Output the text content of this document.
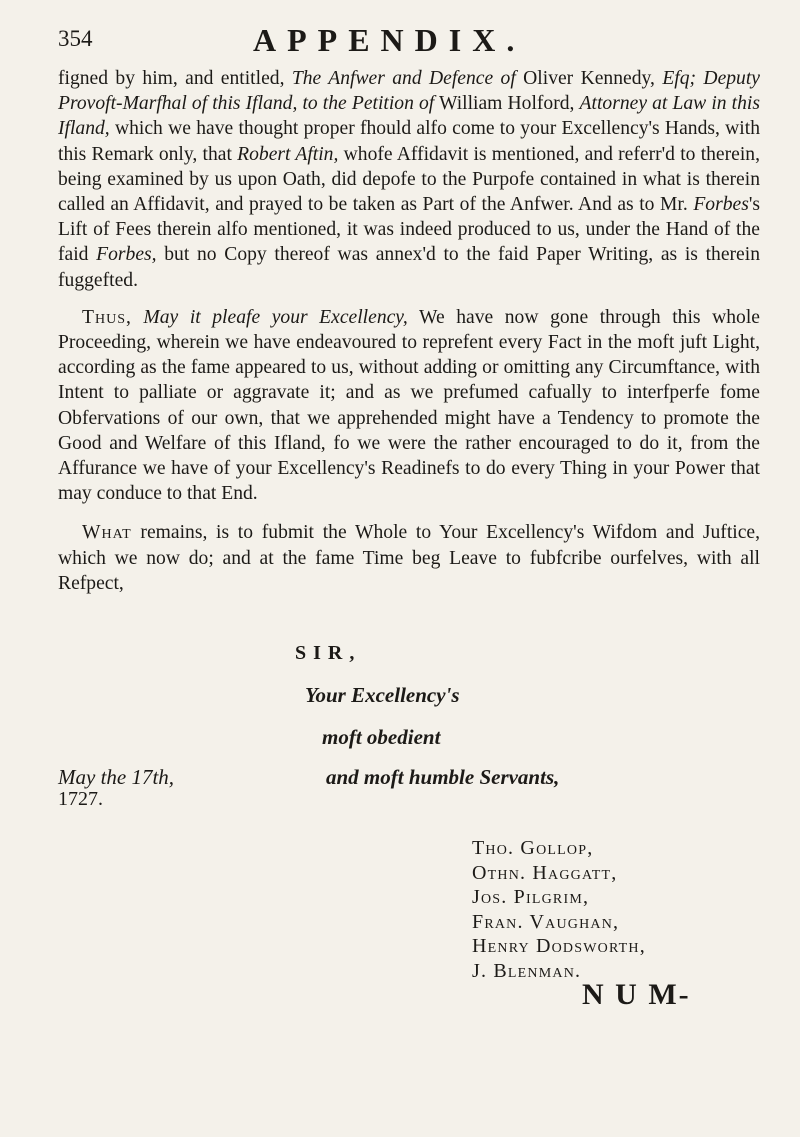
354	APPENDIX.

figned by him, and entitled, The Anfwer and Defence of Oliver Kennedy, Efq; Deputy Provoft-Marfhal of this Ifland, to the Petition of William Holford, Attorney at Law in this Ifland, which we have thought proper fhould alfo come to your Excellency's Hands, with this Remark only, that Robert Aftin, whofe Affidavit is mentioned, and referr'd to therein, being examined by us upon Oath, did depofe to the Purpofe contained in what is therein called an Affidavit, and prayed to be taken as Part of the Anfwer. And as to Mr. Forbes's Lift of Fees therein alfo mentioned, it was indeed produced to us, under the Hand of the faid Forbes, but no Copy thereof was annex'd to the faid Paper Writing, as is therein fuggefted.

Thus, May it pleafe your Excellency, We have now gone through this whole Proceeding, wherein we have endeavoured to reprefent every Fact in the moft juft Light, according as the fame appeared to us, without adding or omitting any Circumftance, with Intent to palliate or aggravate it; and as we prefumed cafually to interfperfe fome Obfervations of our own, that we apprehended might have a Tendency to promote the Good and Welfare of this Ifland, fo we were the rather encouraged to do it, from the Affurance we have of your Excellency's Readinefs to do every Thing in your Power that may conduce to that End.

What remains, is to fubmit the Whole to Your Excellency's Wifdom and Juftice, which we now do; and at the fame Time beg Leave to fubfcribe ourfelves, with all Refpect,

SIR,
Your Excellency's
moft obedient
and moft humble Servants,
May the 17th,
1727.
Tho. Gollop,
Othn. Haggatt,
Jos. Pilgrim,
Fran. Vaughan,
Henry Dodsworth,
J. Blenman.
N U M-
